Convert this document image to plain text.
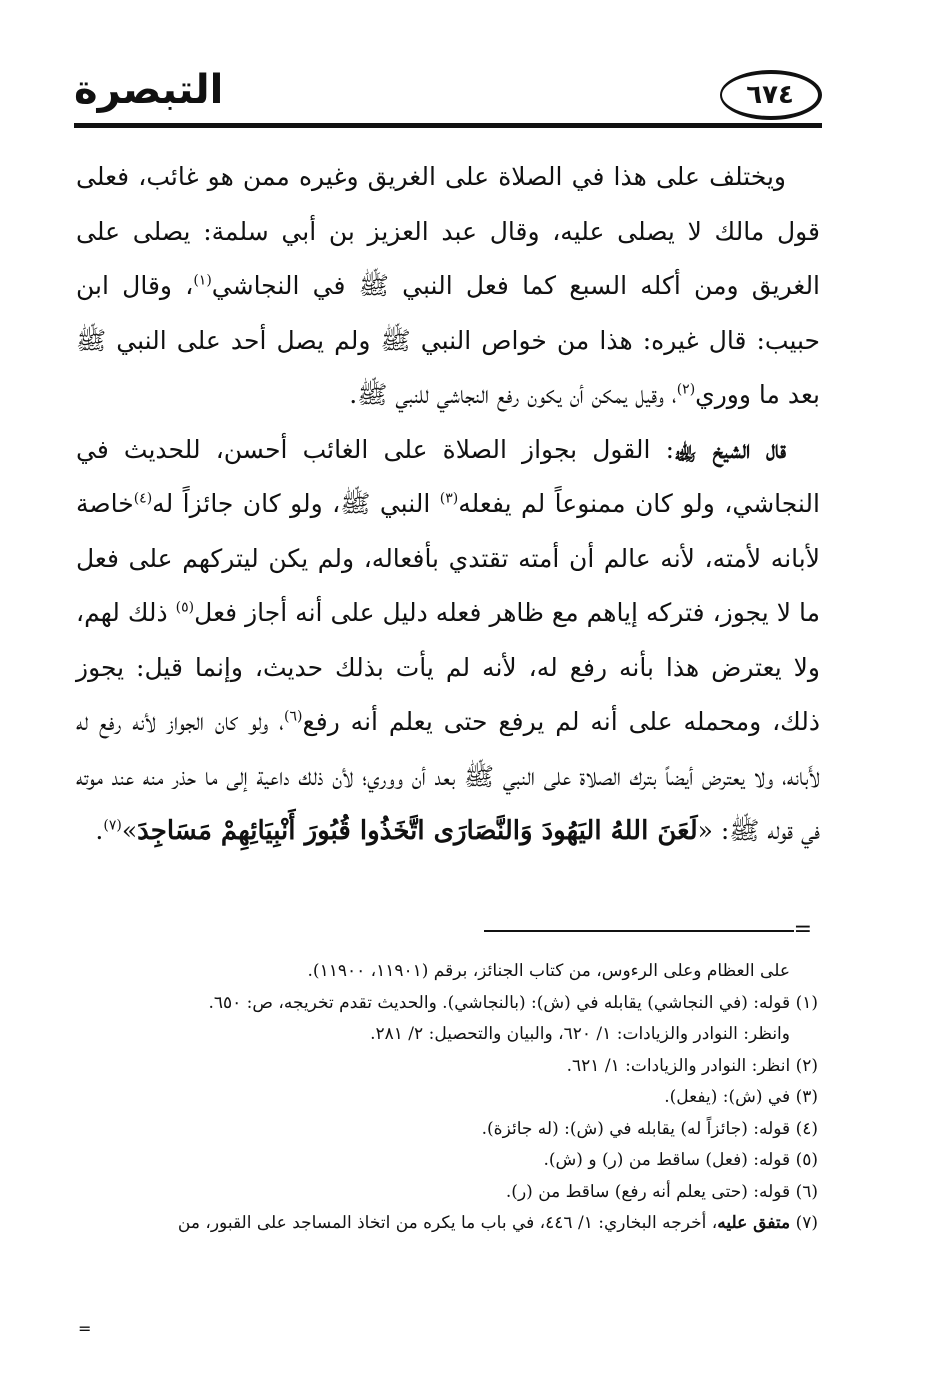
٦٧٤
التبصرة

ويختلف على هذا في الصلاة على الغريق وغيره ممن هو غائب، فعلى قول مالك لا يصلى عليه، وقال عبد العزيز بن أبي سلمة: يصلى على الغريق ومن أكله السبع كما فعل النبي ﷺ في النجاشي$^{(١)}$، وقال ابن حبيب: قال غيره: هذا من خواص النبي ﷺ ولم يصل أحد على النبي ﷺ بعد ما ووري$^{(٢)}$، وقيل يمكن أن يكون رفع النجاشي للنبي ﷺ.

قال الشيخ ﵀: القول بجواز الصلاة على الغائب أحسن، للحديث في النجاشي، ولو كان ممنوعاً لم يفعله$^{(٣)}$ النبي ﷺ، ولو كان جائزاً له$^{(٤)}$خاصة لأبانه لأمته، لأنه عالم أن أمته تقتدي بأفعاله، ولم يكن ليتركهم على فعل ما لا يجوز، فتركه إياهم مع ظاهر فعله دليل على أنه أجاز فعل$^{(٥)}$ ذلك لهم، ولا يعترض هذا بأنه رفع له، لأنه لم يأت بذلك حديث، وإنما قيل: يجوز ذلك، ومحمله على أنه لم يرفع حتى يعلم أنه رفع$^{(٦)}$، ولو كان الجواز لأنه رفع له لأَبانه، ولا يعترض أيضاً بترك الصلاة على النبي ﷺ بعد أن ووري؛ لأن ذلك داعية إلى ما حذر منه عند موته في قوله ﷺ: «لَعَنَ اللهُ اليَهُودَ وَالنَّصَارَى اتَّخَذُوا قُبُورَ أَنْبِيَائِهِمْ مَسَاجِدَ»$^{(٧)}$.

=

على العظام وعلى الرءوس، من كتاب الجنائز، برقم (١١٩٠١، ١١٩٠٠).

(١) قوله: (في النجاشي) يقابله في (ش): (بالنجاشي). والحديث تقدم تخريجه، ص: ٦٥٠.

وانظر: النوادر والزيادات: ١/ ٦٢٠، والبيان والتحصيل: ٢/ ٢٨١.

(٢) انظر: النوادر والزيادات: ١/ ٦٢١.

(٣) في (ش): (يفعل).

(٤) قوله: (جائزاً له) يقابله في (ش): (له جائزة).

(٥) قوله: (فعل) ساقط من (ر) و (ش).

(٦) قوله: (حتى يعلم أنه رفع) ساقط من (ر).

(٧) متفق عليه، أخرجه البخاري: ١/ ٤٤٦، في باب ما يكره من اتخاذ المساجد على القبور، من

=
